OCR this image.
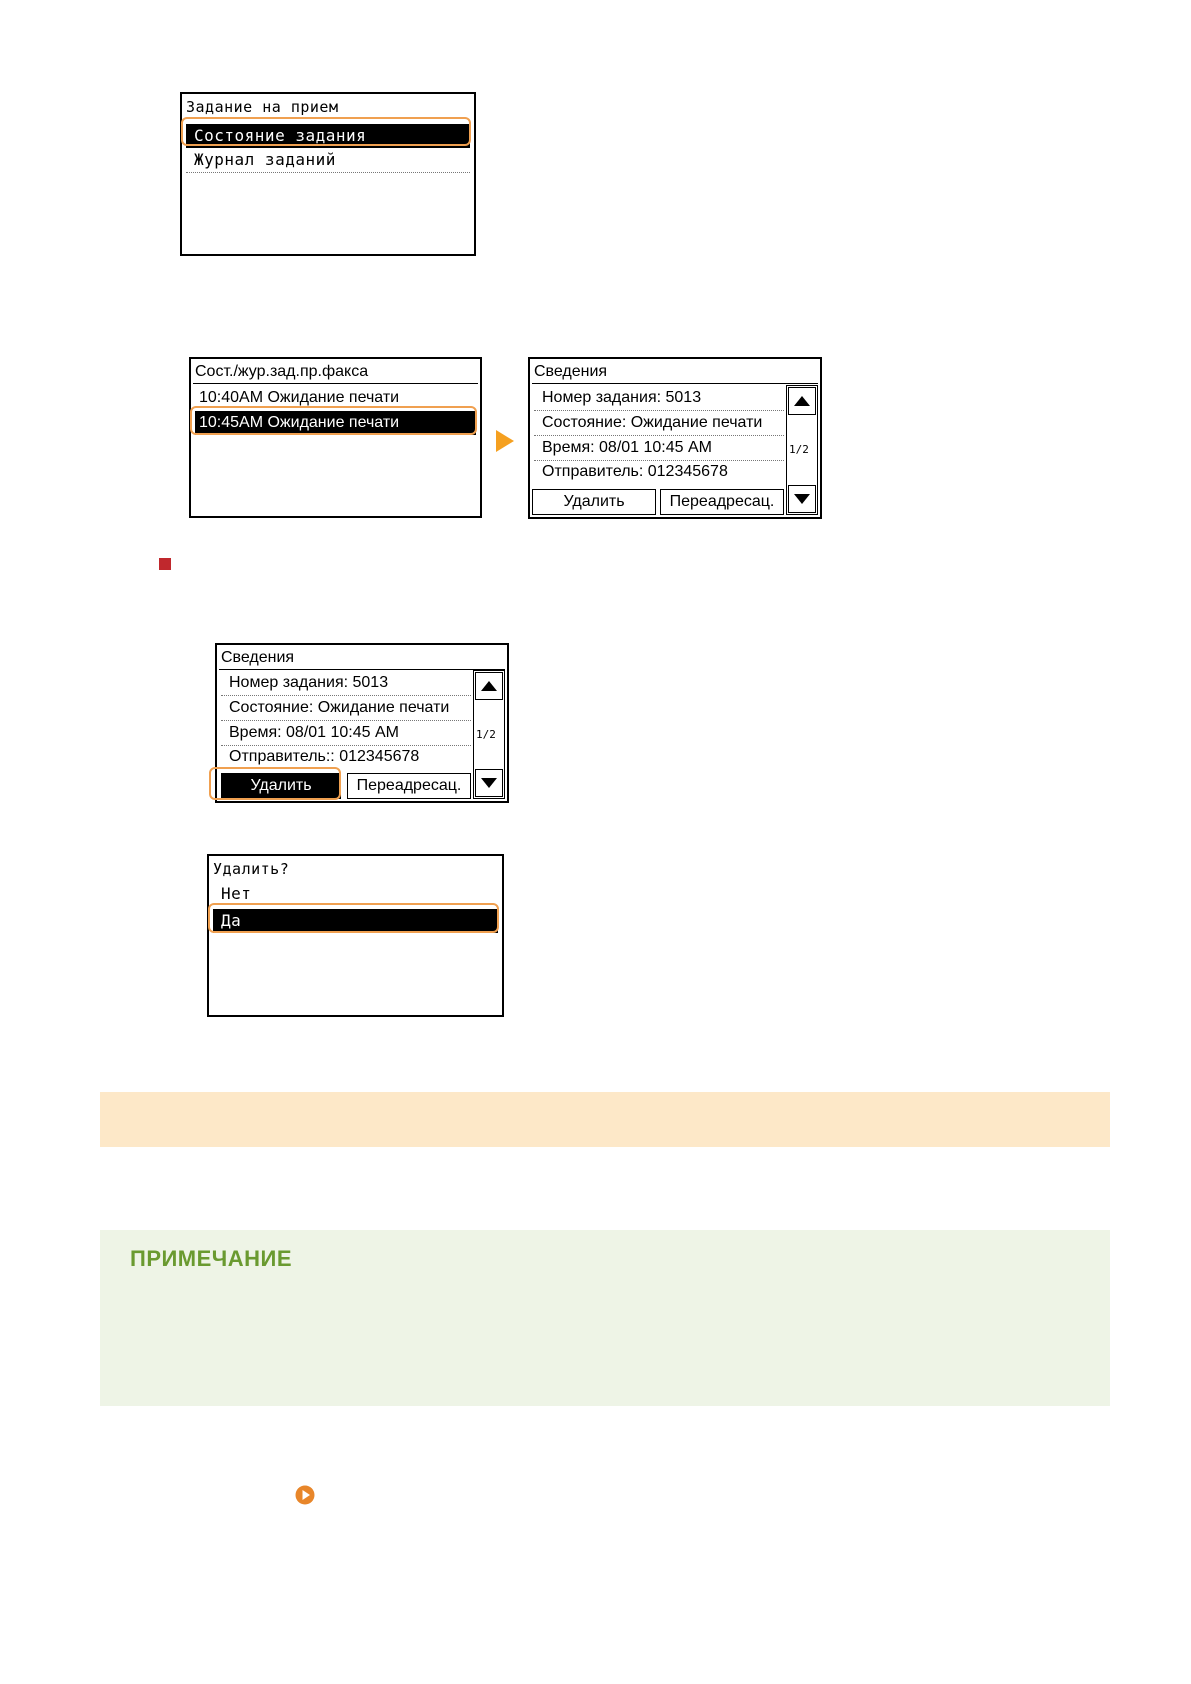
Задание на прием
Состояние задания
Журнал заданий
Сост./жур.зад.пр.факса
10:40AM Ожидание печати
10:45AM Ожидание печати
Сведения
Номер задания: 5013
Состояние: Ожидание печати
Время: 08/01 10:45 AM
Отправитель: 012345678
1/2
Удалить	Переадресац.
Сведения
Номер задания: 5013
Состояние: Ожидание печати
Время: 08/01 10:45 AM
Отправитель:: 012345678
1/2
Удалить	Переадресац.
Удалить?
Нет
Да
ПРИМЕЧАНИЕ
